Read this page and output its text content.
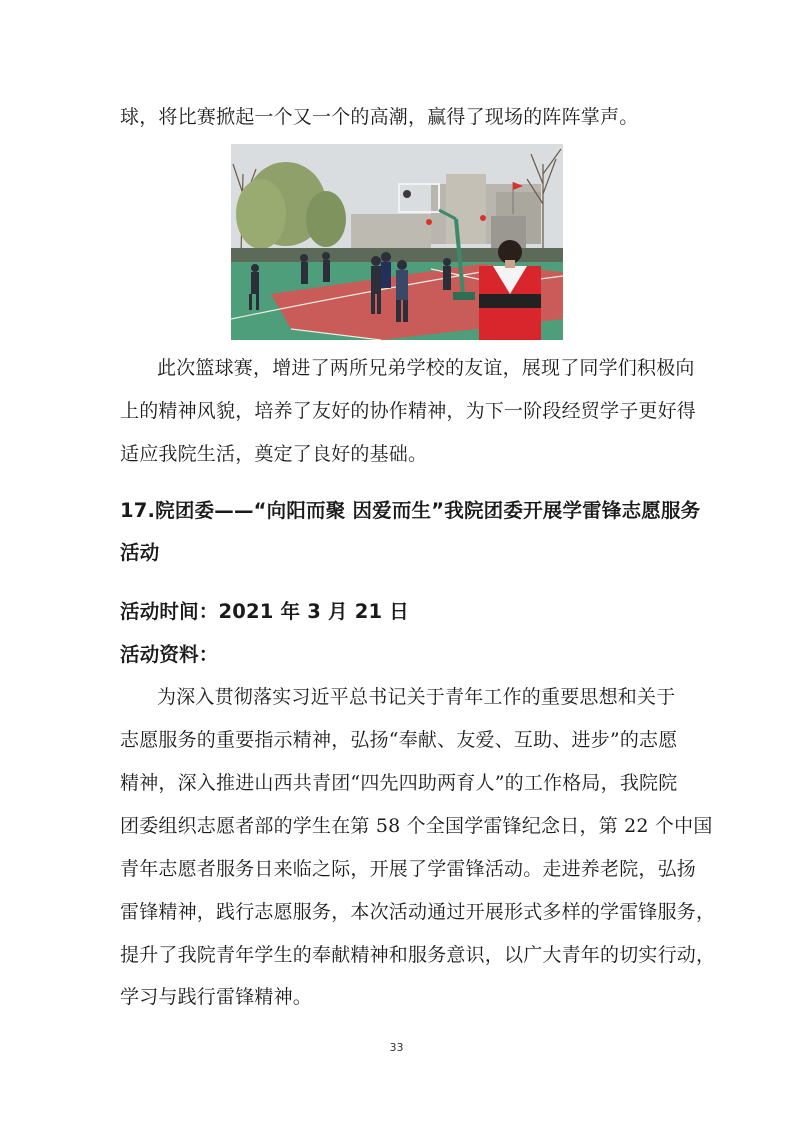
球，将比赛掀起一个又一个的高潮，赢得了现场的阵阵掌声。
此次篮球赛，增进了两所兄弟学校的友谊，展现了同学们积极向
上的精神风貌，培养了友好的协作精神，为下一阶段经贸学子更好得
适应我院生活，奠定了良好的基础。
17.院团委——“向阳而聚 因爱而生”我院团委开展学雷锋志愿服务
活动
活动时间：2021 年 3 月 21 日
活动资料：
为深入贯彻落实习近平总书记关于青年工作的重要思想和关于
志愿服务的重要指示精神，弘扬“奉献、友爱、互助、进步”的志愿
精神，深入推进山西共青团“四先四助两育人”的工作格局，我院院
团委组织志愿者部的学生在第 58 个全国学雷锋纪念日，第 22 个中国
青年志愿者服务日来临之际，开展了学雷锋活动。走进养老院，弘扬
雷锋精神，践行志愿服务，本次活动通过开展形式多样的学雷锋服务，
提升了我院青年学生的奉献精神和服务意识，以广大青年的切实行动，
学习与践行雷锋精神。
33
